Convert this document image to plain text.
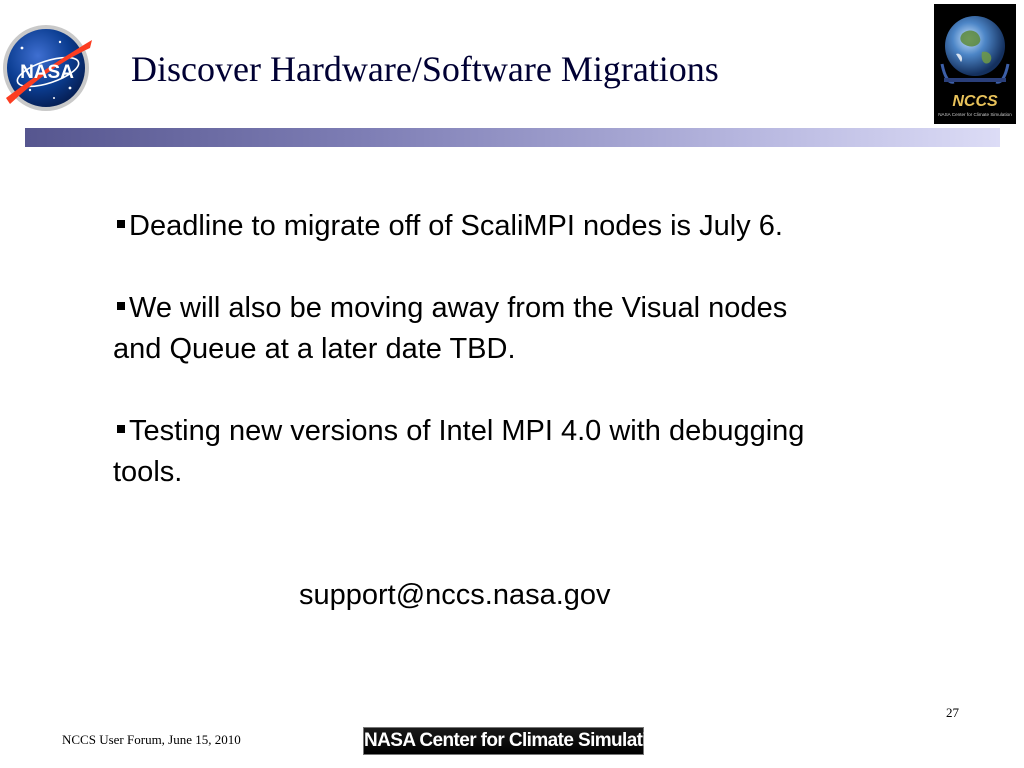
NASA Discover Hardware/Software Migrations
NCCS
NASA Center for Climate Simulation
Deadline to migrate off of ScaliMPI nodes is July 6.
We will also be moving away from the Visual nodes and Queue at a later date TBD.
Testing new versions of Intel MPI 4.0 with debugging tools.
support@nccs.nasa.gov
27
NCCS User Forum, June 15, 2010	NASA Center for Climate Simulation
